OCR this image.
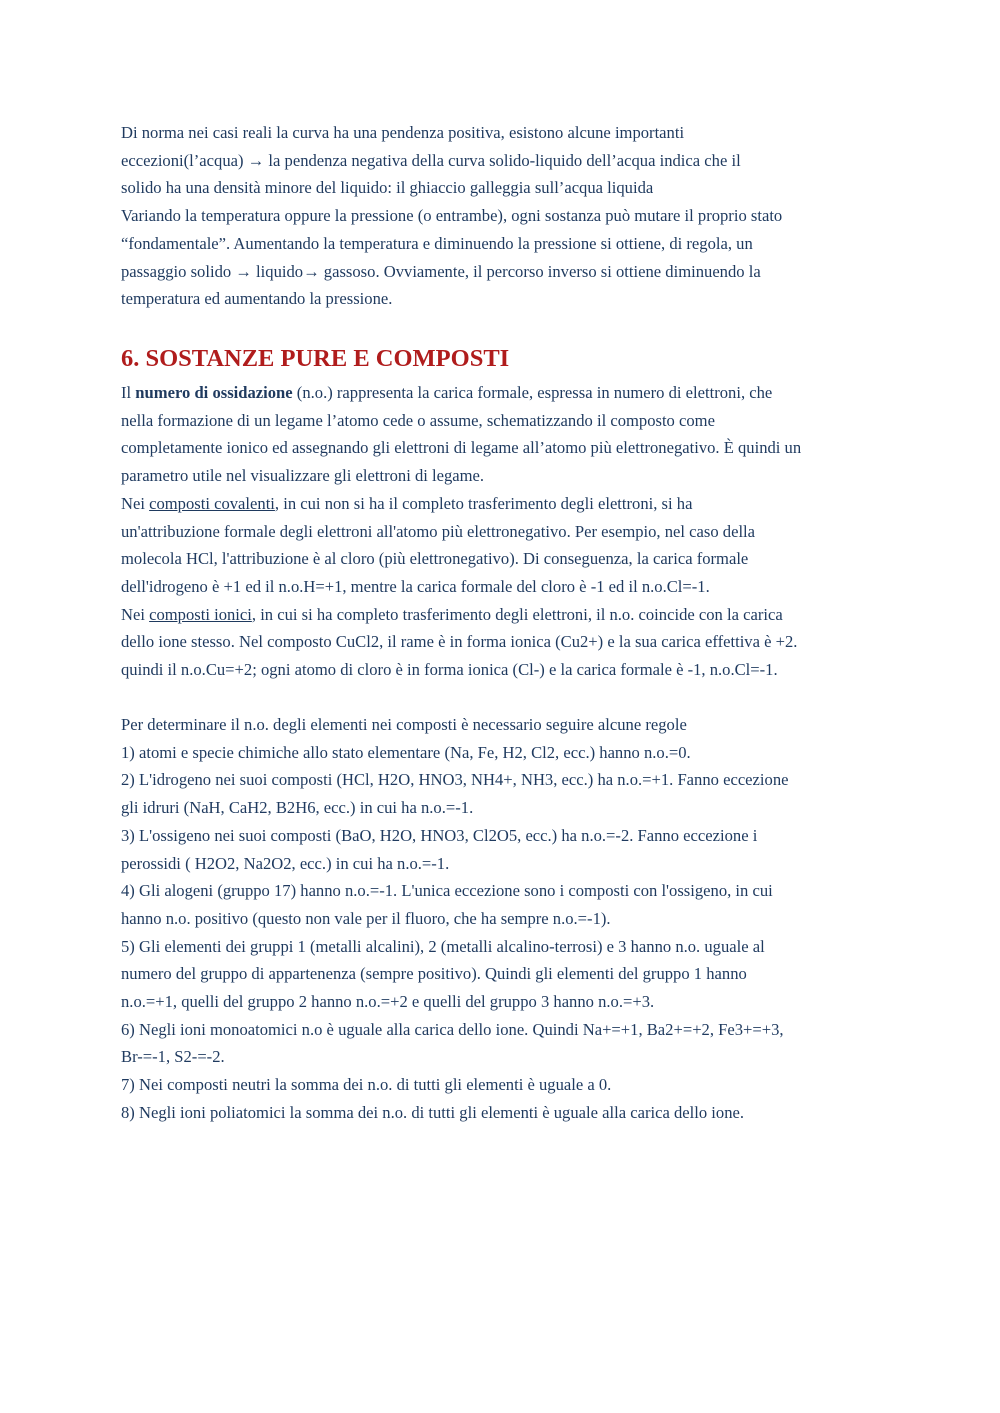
Di norma nei casi reali la curva ha una pendenza positiva, esistono alcune importanti
eccezioni(l’acqua) → la pendenza negativa della curva solido-liquido dell’acqua indica che il
solido ha una densità minore del liquido: il ghiaccio galleggia sull’acqua liquida
Variando la temperatura oppure la pressione (o entrambe), ogni sostanza può mutare il proprio stato
“fondamentale”. Aumentando la temperatura e diminuendo la pressione si ottiene, di regola, un
passaggio solido → liquido→ gassoso. Ovviamente, il percorso inverso si ottiene diminuendo la
temperatura ed aumentando la pressione.
6. SOSTANZE PURE E COMPOSTI
Il numero di ossidazione (n.o.) rappresenta la carica formale, espressa in numero di elettroni, che
nella formazione di un legame l’atomo cede o assume, schematizzando il composto come
completamente ionico ed assegnando gli elettroni di legame all’atomo più elettronegativo. È quindi un
parametro utile nel visualizzare gli elettroni di legame.
Nei composti covalenti, in cui non si ha il completo trasferimento degli elettroni, si ha
un'attribuzione formale degli elettroni all'atomo più elettronegativo. Per esempio, nel caso della
molecola HCl, l'attribuzione è al cloro (più elettronegativo). Di conseguenza, la carica formale
dell'idrogeno è +1 ed il n.o.H=+1, mentre la carica formale del cloro è -1 ed il n.o.Cl=-1.
Nei composti ionici, in cui si ha completo trasferimento degli elettroni, il n.o. coincide con la carica
dello ione stesso. Nel composto CuCl2, il rame è in forma ionica (Cu2+) e la sua carica effettiva è +2.
quindi il n.o.Cu=+2; ogni atomo di cloro è in forma ionica (Cl-) e la carica formale è -1, n.o.Cl=-1.
Per determinare il n.o. degli elementi nei composti è necessario seguire alcune regole
1) atomi e specie chimiche allo stato elementare (Na, Fe, H2, Cl2, ecc.) hanno n.o.=0.
2) L'idrogeno nei suoi composti (HCl, H2O, HNO3, NH4+, NH3, ecc.) ha n.o.=+1. Fanno eccezione
gli idruri (NaH, CaH2, B2H6, ecc.) in cui ha n.o.=-1.
3) L'ossigeno nei suoi composti (BaO, H2O, HNO3, Cl2O5, ecc.) ha n.o.=-2. Fanno eccezione i
perossidi ( H2O2, Na2O2, ecc.) in cui ha n.o.=-1.
4) Gli alogeni (gruppo 17) hanno n.o.=-1. L'unica eccezione sono i composti con l'ossigeno, in cui
hanno n.o. positivo (questo non vale per il fluoro, che ha sempre n.o.=-1).
5) Gli elementi dei gruppi 1 (metalli alcalini), 2 (metalli alcalino-terrosi) e 3 hanno n.o. uguale al
numero del gruppo di appartenenza (sempre positivo). Quindi gli elementi del gruppo 1 hanno
n.o.=+1, quelli del gruppo 2 hanno n.o.=+2 e quelli del gruppo 3 hanno n.o.=+3.
6) Negli ioni monoatomici n.o è uguale alla carica dello ione. Quindi Na+=+1, Ba2+=+2, Fe3+=+3,
Br-=-1, S2-=-2.
7) Nei composti neutri la somma dei n.o. di tutti gli elementi è uguale a 0.
8) Negli ioni poliatomici la somma dei n.o. di tutti gli elementi è uguale alla carica dello ione.
